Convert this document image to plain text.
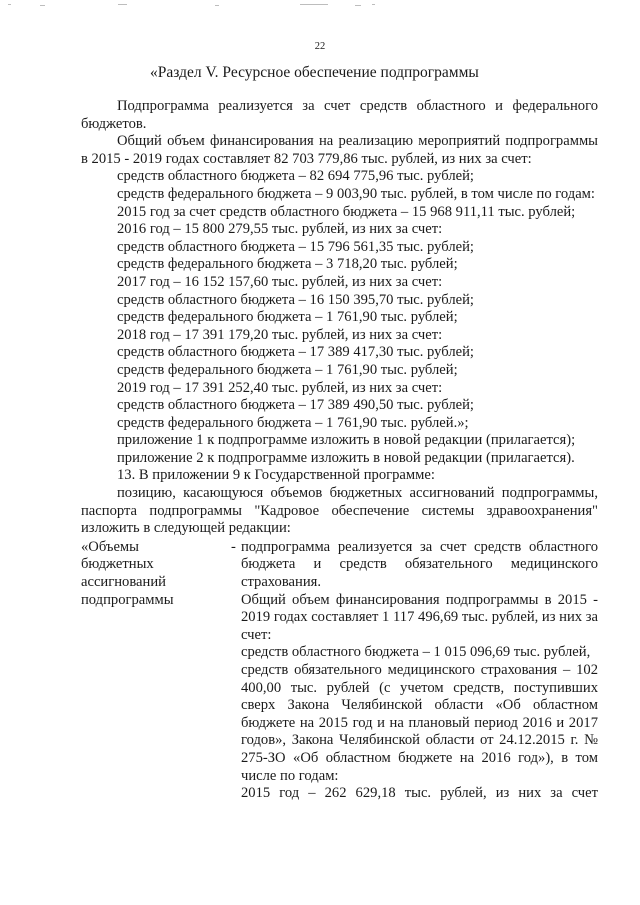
22
«Раздел V. Ресурсное обеспечение подпрограммы

Подпрограмма реализуется за счет средств областного и федерального бюджетов.

Общий объем финансирования на реализацию мероприятий подпрограммы в 2015 - 2019 годах составляет 82 703 779,86 тыс. рублей, из них за счет:

средств областного бюджета – 82 694 775,96 тыс. рублей;

средств федерального бюджета – 9 003,90 тыс. рублей, в том числе по годам:

2015 год за счет средств областного бюджета – 15 968 911,11 тыс. рублей;

2016 год – 15 800 279,55 тыс. рублей, из них за счет:

средств областного бюджета – 15 796 561,35 тыс. рублей;

средств федерального бюджета – 3 718,20 тыс. рублей;

2017 год – 16 152 157,60 тыс. рублей, из них за счет:

средств областного бюджета – 16 150 395,70 тыс. рублей;

средств федерального бюджета – 1 761,90 тыс. рублей;

2018 год – 17 391 179,20 тыс. рублей, из них за счет:

средств областного бюджета – 17 389 417,30 тыс. рублей;

средств федерального бюджета – 1 761,90 тыс. рублей;

2019 год – 17 391 252,40 тыс. рублей, из них за счет:

средств областного бюджета – 17 389 490,50 тыс. рублей;

средств федерального бюджета – 1 761,90 тыс. рублей.»;

приложение 1 к подпрограмме изложить в новой редакции (прилагается);

приложение 2 к подпрограмме изложить в новой редакции (прилагается).

13. В приложении 9 к Государственной программе:

позицию, касающуюся объемов бюджетных ассигнований подпрограммы, паспорта подпрограммы "Кадровое обеспечение системы здравоохранения" изложить в следующей редакции:

«Объемы
бюджетных
ассигнований
подпрограммы
- подпрограмма реализуется за счет средств областного бюджета и средств обязательного медицинского страхования.

Общий объем финансирования подпрограммы в 2015 - 2019 годах составляет 1 117 496,69 тыс. рублей, из них за счет:

средств областного бюджета – 1 015 096,69 тыс. рублей,

средств обязательного медицинского страхования – 102 400,00 тыс. рублей (с учетом средств, поступивших сверх Закона Челябинской области «Об областном бюджете на 2015 год и на плановый период 2016 и 2017 годов», Закона Челябинской области от 24.12.2015 г. № 275-ЗО «Об областном бюджете на 2016 год»), в том числе по годам:

2015 год – 262 629,18 тыс. рублей, из них за счет
